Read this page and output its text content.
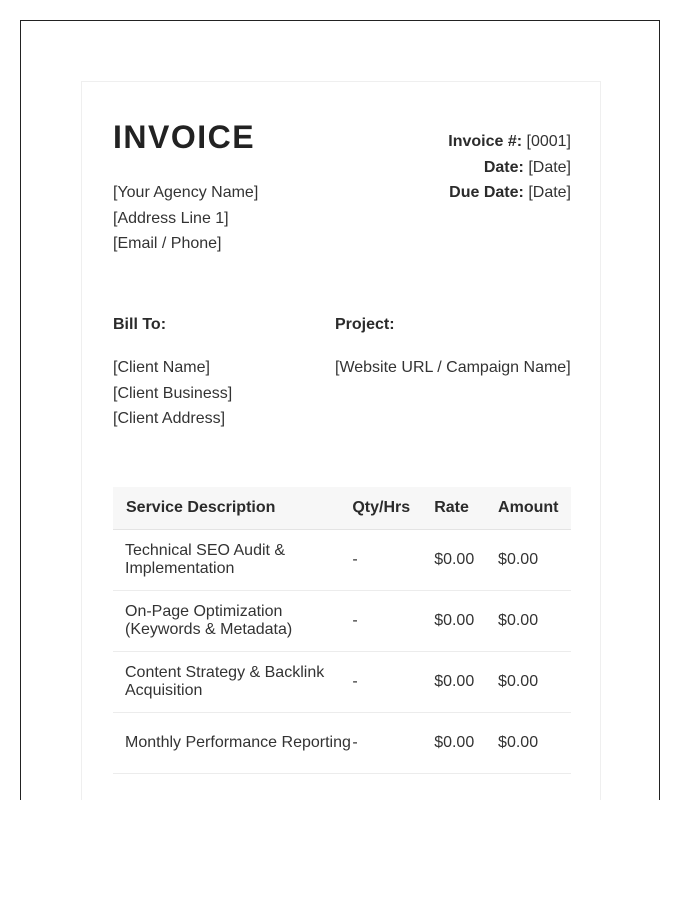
INVOICE
[Your Agency Name]
[Address Line 1]
[Email / Phone]
Invoice #: [0001]
Date: [Date]
Due Date: [Date]
Bill To:	Project:
[Client Name]
[Client Business]
[Client Address]
[Website URL / Campaign Name]
Service Description	Qty/Hrs	Rate	Amount
Technical SEO Audit & Implementation	-	$0.00	$0.00
On-Page Optimization (Keywords & Metadata)	-	$0.00	$0.00
Content Strategy & Backlink Acquisition	-	$0.00	$0.00
Monthly Performance Reporting	-	$0.00	$0.00
